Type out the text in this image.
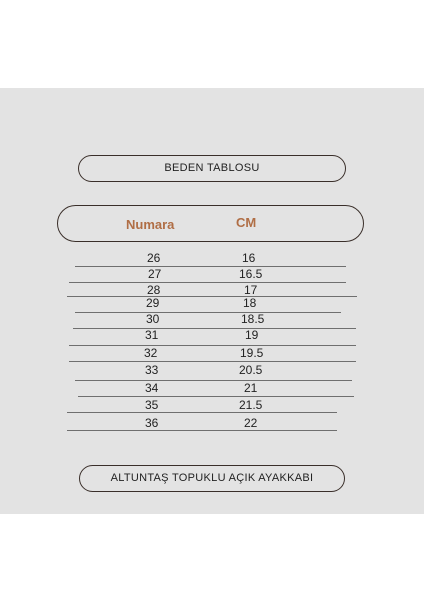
BEDEN TABLOSU
Numara	CM
26	16
27	16.5
28	17
29	18
30	18.5
31	19
32	19.5
33	20.5
34	21
35	21.5
36	22
ALTUNTAŞ TOPUKLU AÇIK AYAKKABI
